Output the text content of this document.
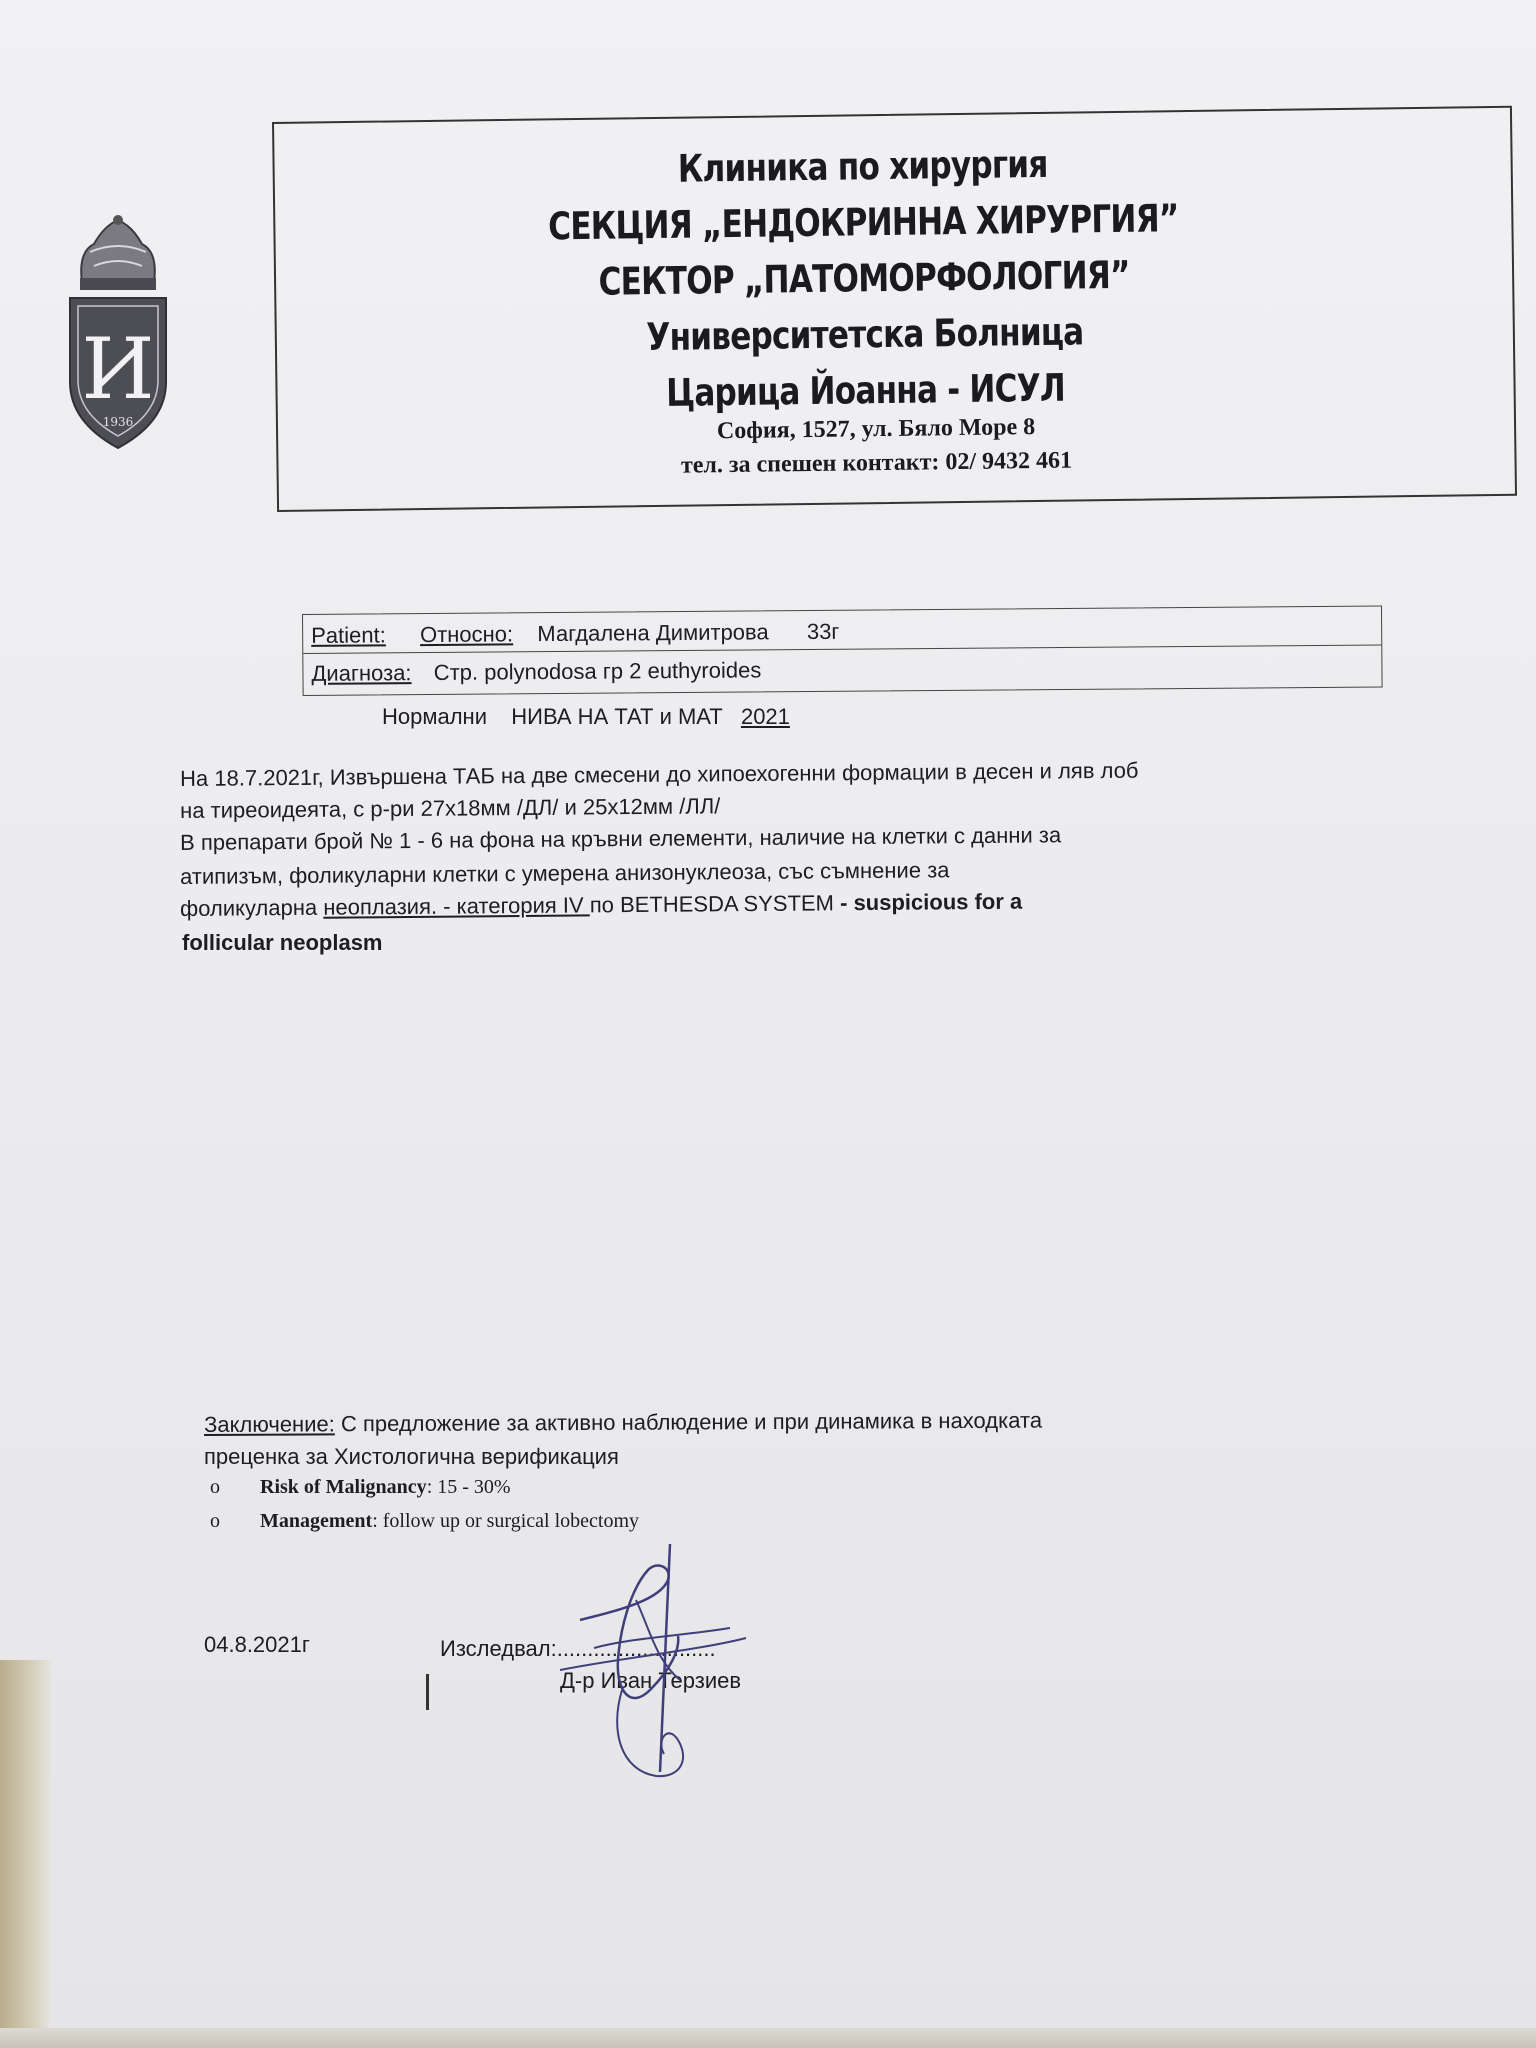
И
1936
Клиника по хирургия
СЕКЦИЯ „ЕНДОКРИННА ХИРУРГИЯ”
СЕКТОР „ПАТОМОРФОЛОГИЯ”
Университетска Болница
Царица Йоанна - ИСУЛ
София, 1527, ул. Бяло Море 8
тел. за спешен контакт: 02/ 9432 461
Patient: Относно: Магдалена Димитрова 33г
Диагноза: Стр. polynodosa гр 2 euthyroides
Нормални НИВА НА ТАТ и МАТ 2021
На 18.7.2021г, Извършена ТАБ на две смесени до хипоехогенни формации в десен и ляв лоб
на тиреоидеята, с р-ри 27х18мм /ДЛ/ и 25х12мм /ЛЛ/
В препарати брой № 1 - 6 на фона на кръвни елементи, наличие на клетки с данни за
атипизъм, фоликуларни клетки с умерена анизонуклеоза, със съмнение за
фоликуларна неоплазия. - категория IV по BETHESDA SYSTEM - suspicious for a
follicular neoplasm
Заключение: С предложение за активно наблюдение и при динамика в находката
преценка за Хистологична верификация
o Risk of Malignancy: 15 - 30%
o Management: follow up or surgical lobectomy
04.8.2021г	Изследвал:..........................
Д-р Иван Терзиев
